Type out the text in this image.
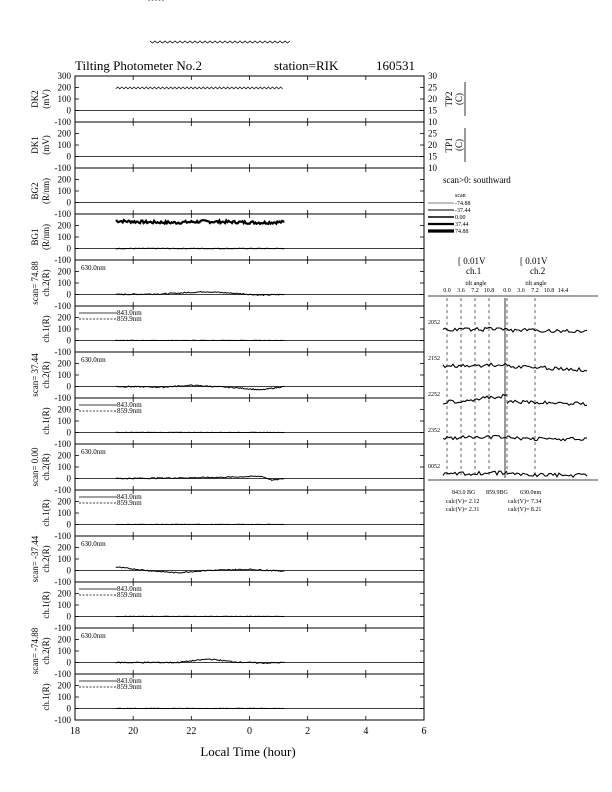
Tilting Photometer No.2	station=RIK	160531
- - - - -
300
200
100
0
-100
DK2 (mV)
30
25
20
15
10
TP2 (C)
200
100
0
-100
DK1 (mV)
25
20
15
10
TP1 (C)
200
100
0
-100
BG2 (R/nm)
200
100
0
-100
BG1 (R/nm)
200
100
0
-100
scan= 74.88 ch.2(R)
630.0nm
200
100
0
-100
ch.1(R)
843.0nm
859.9nm
200
100
0
-100
scan= 37.44 ch.2(R)
630.0nm
200
100
0
-100
ch.1(R)
843.0nm
859.9nm
200
100
0
-100
scan= 0.00 ch.2(R)
630.0nm
200
100
0
-100
ch.1(R)
843.0nm
859.9nm
200
100
0
-100
scan= -37.44 ch.2(R)
630.0nm
200
100
0
-100
ch.1(R)
843.0nm
859.9nm
200
100
0
-100
scan= -74.88 ch.2(R)
630.0nm
200
100
0
-100
ch.1(R)
843.0nm
859.9nm
18	20	22	0	2	4	6
Local Time (hour)
scan>0: southward
scan
-74.88
-37.44
0.00
37.44
74.88
[ 0.01V
ch.1
[ 0.01V
ch.2
tilt angle	tilt angle
0.0 3.6 7.2 10.8 0.0 3.6 7.2 10.8 14.4
2052
2152
2252
2352
0052
843.0 BG 859.9BG 630.0nm
calc(V)= 2.12
calc(V)= 2.31
calc(V)= 7.34
calc(V)= 8.21
